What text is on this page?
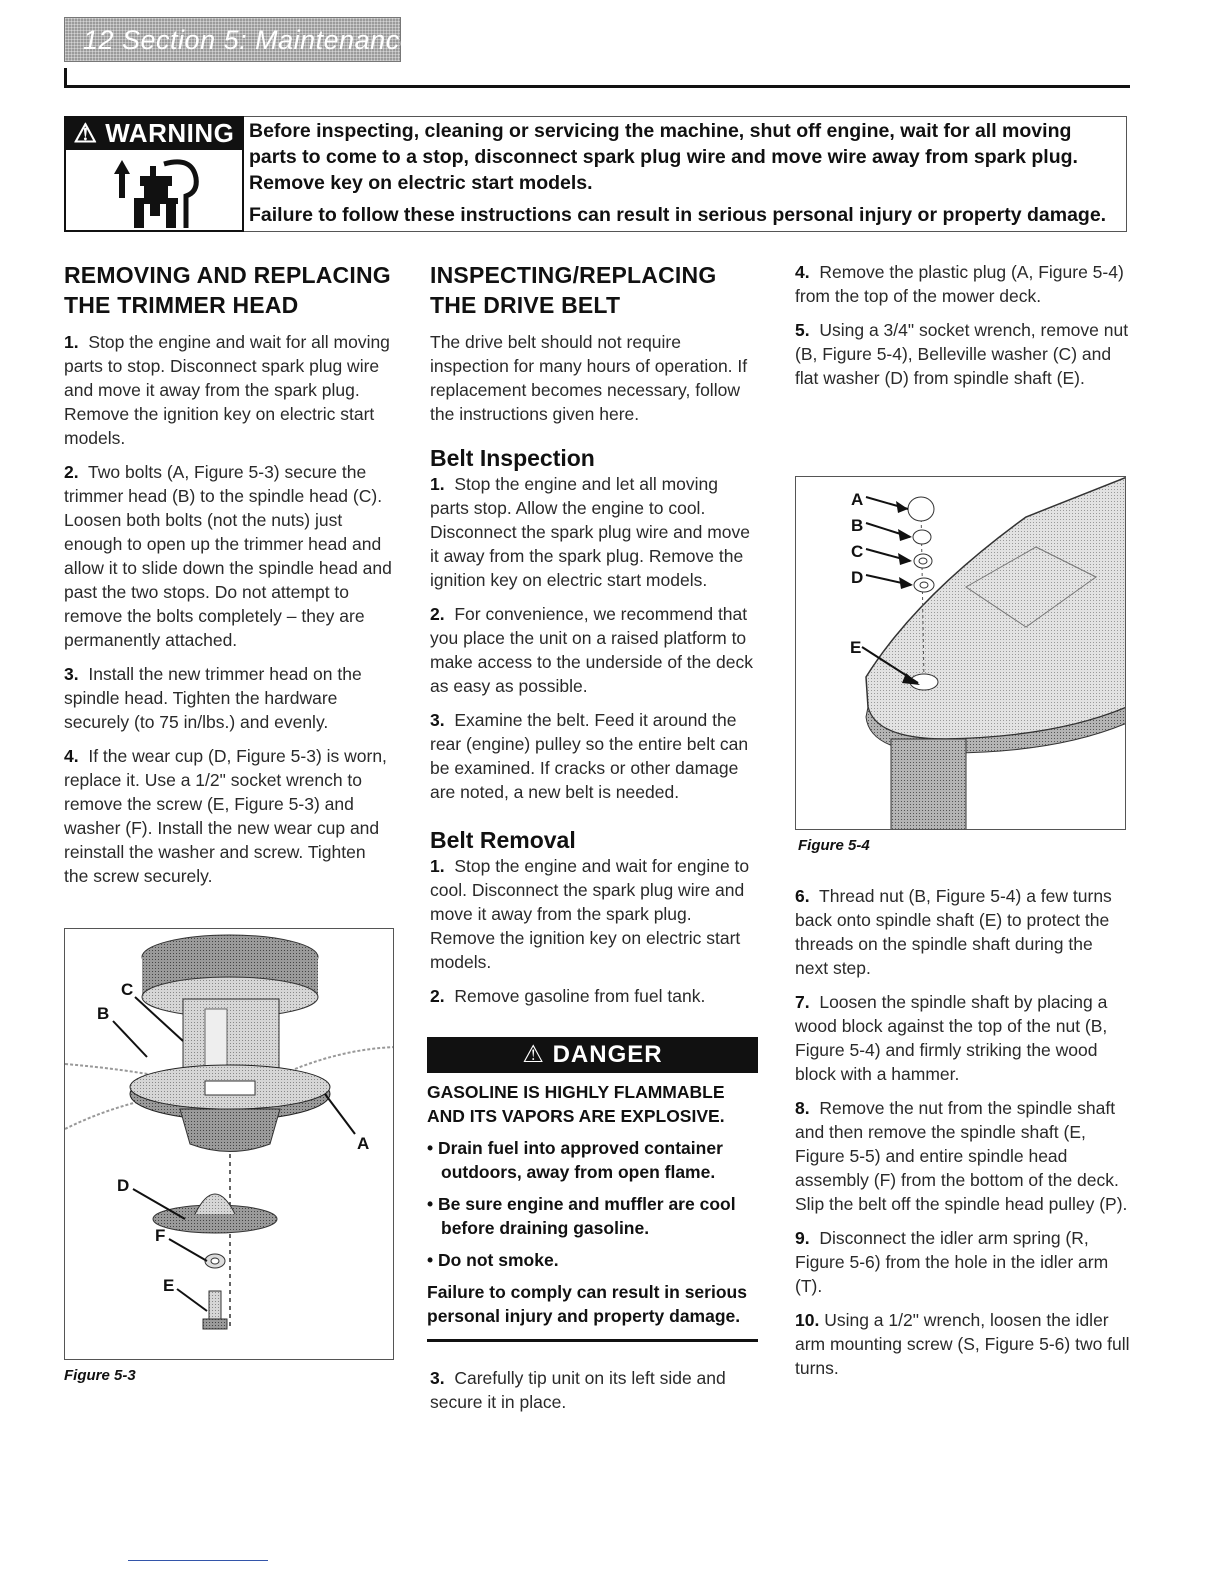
12 Section 5: Maintenance
⚠ WARNING Before inspecting, cleaning or servicing the machine, shut off engine, wait for all moving parts to come to a stop, disconnect spark plug wire and move wire away from spark plug. Remove key on electric start models.

Failure to follow these instructions can result in serious personal injury or property damage.

REMOVING AND REPLACING
THE TRIMMER HEAD

1. Stop the engine and wait for all moving parts to stop. Disconnect spark plug wire and move it away from the spark plug. Remove the ignition key on electric start models.

2. Two bolts (A, Figure 5-3) secure the trimmer head (B) to the spindle head (C). Loosen both bolts (not the nuts) just enough to open up the trimmer head and allow it to slide down the spindle head and past the two stops. Do not attempt to remove the bolts completely – they are permanently attached.

3. Install the new trimmer head on the spindle head. Tighten the hardware securely (to 75 in/lbs.) and evenly.

4. If the wear cup (D, Figure 5-3) is worn, replace it. Use a 1/2" socket wrench to remove the screw (E, Figure 5-3) and washer (F). Install the new wear cup and reinstall the washer and screw. Tighten the screw securely.

C
B
A
D
F
E
Figure 5-3
INSPECTING/REPLACING
THE DRIVE BELT

The drive belt should not require inspection for many hours of operation. If replacement becomes necessary, follow the instructions given here.

Belt Inspection

1. Stop the engine and let all moving parts stop. Allow the engine to cool. Disconnect the spark plug wire and move it away from the spark plug. Remove the ignition key on electric start models.

2. For convenience, we recommend that you place the unit on a raised platform to make access to the underside of the deck as easy as possible.

3. Examine the belt. Feed it around the rear (engine) pulley so the entire belt can be examined. If cracks or other damage are noted, a new belt is needed.

Belt Removal

1. Stop the engine and wait for engine to cool. Disconnect the spark plug wire and move it away from the spark plug. Remove the ignition key on electric start models.

2. Remove gasoline from fuel tank.

⚠ DANGER

GASOLINE IS HIGHLY FLAMMABLE AND ITS VAPORS ARE EXPLOSIVE.

• Drain fuel into approved container outdoors, away from open flame.

• Be sure engine and muffler are cool before draining gasoline.

• Do not smoke.

Failure to comply can result in serious personal injury and property damage.

3. Carefully tip unit on its left side and secure it in place.

4. Remove the plastic plug (A, Figure 5-4) from the top of the mower deck.

5. Using a 3/4" socket wrench, remove nut (B, Figure 5-4), Belleville washer (C) and flat washer (D) from spindle shaft (E).

A
B
C
D
E
Figure 5-4

6. Thread nut (B, Figure 5-4) a few turns back onto spindle shaft (E) to protect the threads on the spindle shaft during the next step.

7. Loosen the spindle shaft by placing a wood block against the top of the nut (B, Figure 5-4) and firmly striking the wood block with a hammer.

8. Remove the nut from the spindle shaft and then remove the spindle shaft (E, Figure 5-5) and entire spindle head assembly (F) from the bottom of the deck. Slip the belt off the spindle head pulley (P).

9. Disconnect the idler arm spring (R, Figure 5-6) from the hole in the idler arm (T).

10. Using a 1/2" wrench, loosen the idler arm mounting screw (S, Figure 5-6) two full turns.
